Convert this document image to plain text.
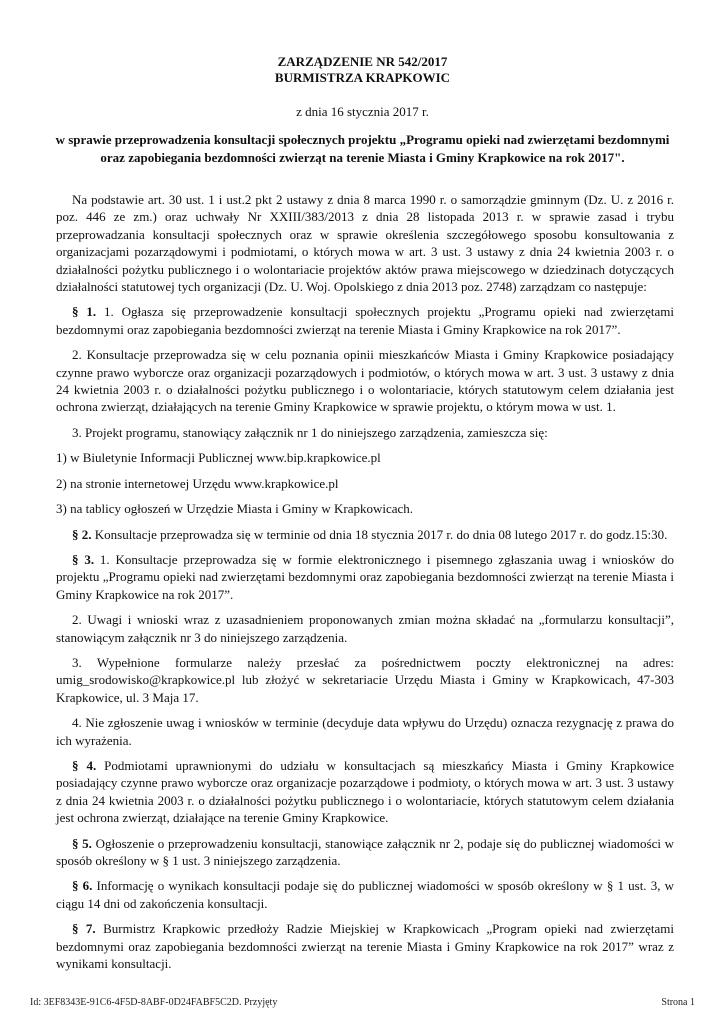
ZARZĄDZENIE NR 542/2017
BURMISTRZA KRAPKOWIC
z dnia 16 stycznia 2017 r.
w sprawie przeprowadzenia konsultacji społecznych projektu „Programu opieki nad zwierzętami bezdomnymi oraz zapobiegania bezdomności zwierząt na terenie Miasta i Gminy Krapkowice na rok 2017".

Na podstawie art. 30 ust. 1 i ust.2 pkt 2 ustawy z dnia 8 marca 1990 r. o samorządzie gminnym (Dz. U. z 2016 r. poz. 446 ze zm.) oraz uchwały Nr XXIII/383/2013 z dnia 28 listopada 2013 r. w sprawie zasad i trybu przeprowadzania konsultacji społecznych oraz w sprawie określenia szczegółowego sposobu konsultowania z organizacjami pozarządowymi i podmiotami, o których mowa w art. 3 ust. 3 ustawy z dnia 24 kwietnia 2003 r. o działalności pożytku publicznego i o wolontariacie projektów aktów prawa miejscowego w dziedzinach dotyczących działalności statutowej tych organizacji (Dz. U. Woj. Opolskiego z dnia 2013 poz. 2748) zarządzam co następuje:

§ 1. 1. Ogłasza się przeprowadzenie konsultacji społecznych projektu „Programu opieki nad zwierzętami bezdomnymi oraz zapobiegania bezdomności zwierząt na terenie Miasta i Gminy Krapkowice na rok 2017”.

2. Konsultacje przeprowadza się w celu poznania opinii mieszkańców Miasta i Gminy Krapkowice posiadający czynne prawo wyborcze oraz organizacji pozarządowych i podmiotów, o których mowa w art. 3 ust. 3 ustawy z dnia 24 kwietnia 2003 r. o działalności pożytku publicznego i o wolontariacie, których statutowym celem działania jest ochrona zwierząt, działających na terenie Gminy Krapkowice w sprawie projektu, o którym mowa w ust. 1.

3. Projekt programu, stanowiący załącznik nr 1 do niniejszego zarządzenia, zamieszcza się:

1) w Biuletynie Informacji Publicznej www.bip.krapkowice.pl

2) na stronie internetowej Urzędu www.krapkowice.pl

3) na tablicy ogłoszeń w Urzędzie Miasta i Gminy w Krapkowicach.

§ 2. Konsultacje przeprowadza się w terminie od dnia 18 stycznia 2017 r. do dnia 08 lutego 2017 r. do godz.15:30.

§ 3. 1. Konsultacje przeprowadza się w formie elektronicznego i pisemnego zgłaszania uwag i wniosków do projektu „Programu opieki nad zwierzętami bezdomnymi oraz zapobiegania bezdomności zwierząt na terenie Miasta i Gminy Krapkowice na rok 2017”.

2. Uwagi i wnioski wraz z uzasadnieniem proponowanych zmian można składać na „formularzu konsultacji”, stanowiącym załącznik nr 3 do niniejszego zarządzenia.

3. Wypełnione formularze należy przesłać za pośrednictwem poczty elektronicznej na adres: umig_srodowisko@krapkowice.pl lub złożyć w sekretariacie Urzędu Miasta i Gminy w Krapkowicach, 47-303 Krapkowice, ul. 3 Maja 17.

4. Nie zgłoszenie uwag i wniosków w terminie (decyduje data wpływu do Urzędu) oznacza rezygnację z prawa do ich wyrażenia.

§ 4. Podmiotami uprawnionymi do udziału w konsultacjach są mieszkańcy Miasta i Gminy Krapkowice posiadający czynne prawo wyborcze oraz organizacje pozarządowe i podmioty, o których mowa w art. 3 ust. 3 ustawy z dnia 24 kwietnia 2003 r. o działalności pożytku publicznego i o wolontariacie, których statutowym celem działania jest ochrona zwierząt, działające na terenie Gminy Krapkowice.

§ 5. Ogłoszenie o przeprowadzeniu konsultacji, stanowiące załącznik nr 2, podaje się do publicznej wiadomości w sposób określony w § 1 ust. 3 niniejszego zarządzenia.

§ 6. Informację o wynikach konsultacji podaje się do publicznej wiadomości w sposób określony w § 1 ust. 3, w ciągu 14 dni od zakończenia konsultacji.

§ 7. Burmistrz Krapkowic przedłoży Radzie Miejskiej w Krapkowicach „Program opieki nad zwierzętami bezdomnymi oraz zapobiegania bezdomności zwierząt na terenie Miasta i Gminy Krapkowice na rok 2017” wraz z wynikami konsultacji.

Id: 3EF8343E-91C6-4F5D-8ABF-0D24FABF5C2D. Przyjęty	Strona 1
